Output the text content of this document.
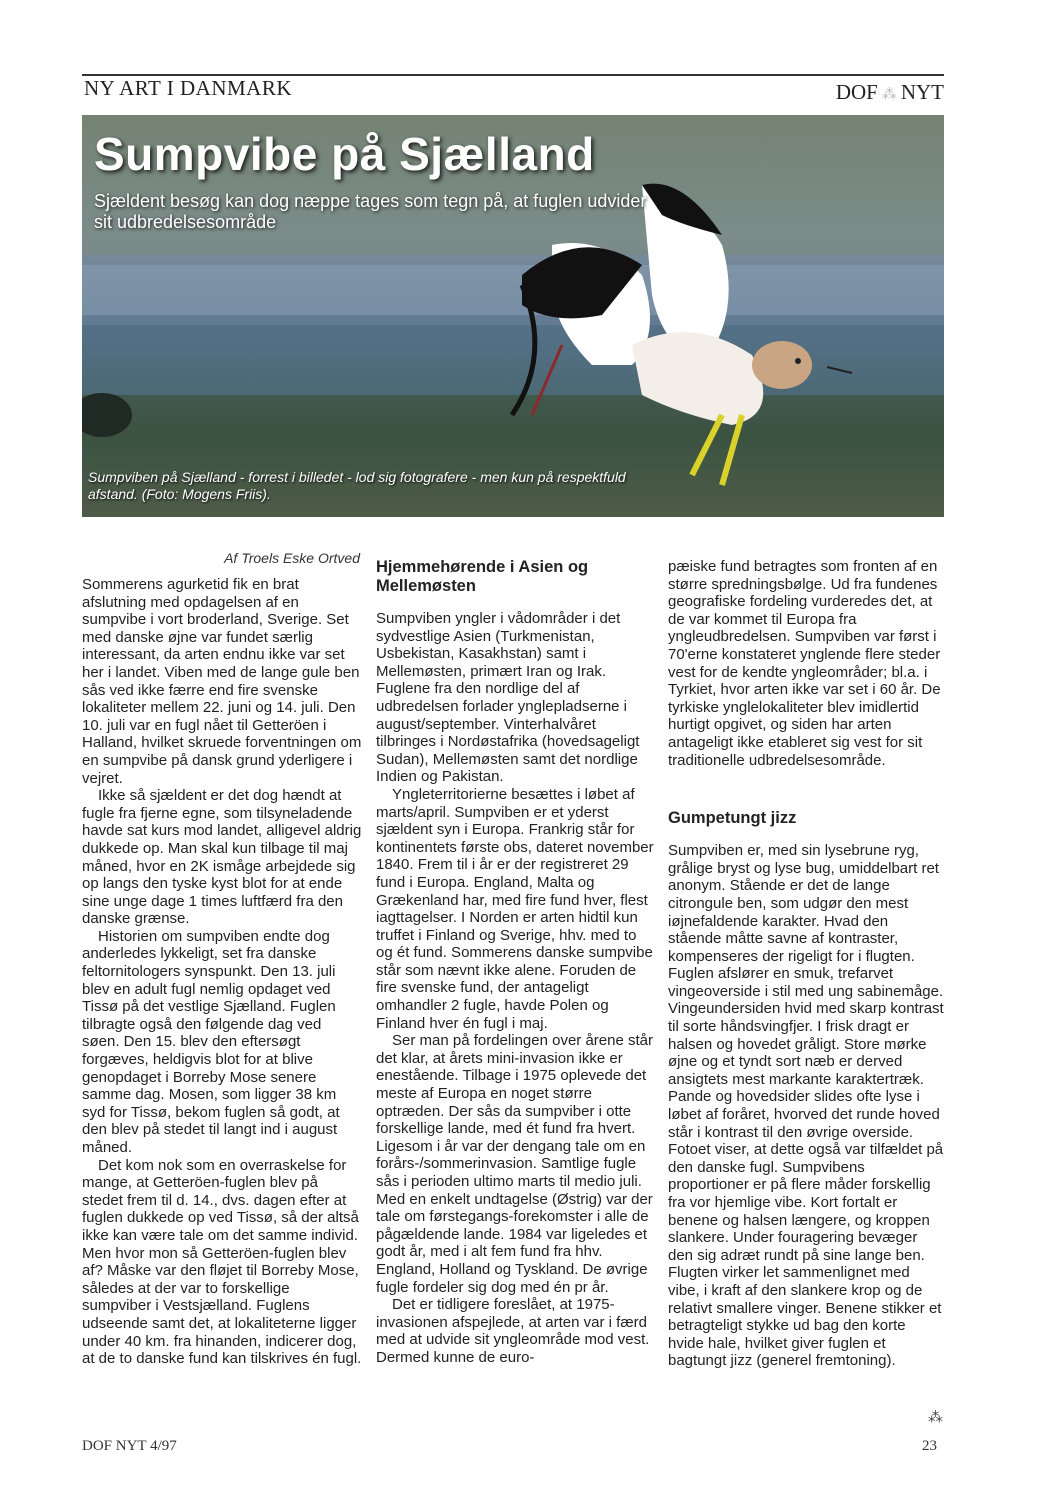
NY ART I DANMARK	DOF ⁂ NYT
Sumpvibe på Sjælland

Sjældent besøg kan dog næppe tages som tegn på, at fuglen udvider sit udbredelsesområde

Sumpviben på Sjælland - forrest i billedet - lod sig fotografere - men kun på respektfuld afstand. (Foto: Mogens Friis).

Af Troels Eske Ortved

Sommerens agurketid fik en brat afslutning med opdagelsen af en sumpvibe i vort broderland, Sverige. Set med danske øjne var fundet særlig interessant, da arten endnu ikke var set her i landet. Viben med de lange gule ben sås ved ikke færre end fire svenske lokaliteter mellem 22. juni og 14. juli. Den 10. juli var en fugl nået til Getteröen i Halland, hvilket skruede forventningen om en sumpvibe på dansk grund yderligere i vejret.

Ikke så sjældent er det dog hændt at fugle fra fjerne egne, som tilsyneladende havde sat kurs mod landet, alligevel aldrig dukkede op. Man skal kun tilbage til maj måned, hvor en 2K ismåge arbejdede sig op langs den tyske kyst blot for at ende sine unge dage 1 times luftfærd fra den danske grænse.

Historien om sumpviben endte dog anderledes lykkeligt, set fra danske feltornitologers synspunkt. Den 13. juli blev en adult fugl nemlig opdaget ved Tissø på det vestlige Sjælland. Fuglen tilbragte også den følgende dag ved søen. Den 15. blev den eftersøgt forgæves, heldigvis blot for at blive genopdaget i Borreby Mose senere samme dag. Mosen, som ligger 38 km syd for Tissø, bekom fuglen så godt, at den blev på stedet til langt ind i august måned.

Det kom nok som en overraskelse for mange, at Getteröen-fuglen blev på stedet frem til d. 14., dvs. dagen efter at fuglen dukkede op ved Tissø, så der altså ikke kan være tale om det samme individ. Men hvor mon så Getteröen-fuglen blev af? Måske var den fløjet til Borreby Mose, således at der var to forskellige sumpviber i Vestsjælland. Fuglens udseende samt det, at lokaliteterne ligger under 40 km. fra hinanden, indicerer dog, at de to danske fund kan tilskrives én fugl.

Hjemmehørende i Asien og Mellemøsten

Sumpviben yngler i vådområder i det sydvestlige Asien (Turkmenistan, Usbekistan, Kasakhstan) samt i Mellemøsten, primært Iran og Irak. Fuglene fra den nordlige del af udbredelsen forlader ynglepladserne i august/september. Vinterhalvåret tilbringes i Nordøstafrika (hovedsageligt Sudan), Mellemøsten samt det nordlige Indien og Pakistan.

Yngleterritorierne besættes i løbet af marts/april. Sumpviben er et yderst sjældent syn i Europa. Frankrig står for kontinentets første obs, dateret november 1840. Frem til i år er der registreret 29 fund i Europa. England, Malta og Grækenland har, med fire fund hver, flest iagttagelser. I Norden er arten hidtil kun truffet i Finland og Sverige, hhv. med to og ét fund. Sommerens danske sumpvibe står som nævnt ikke alene. Foruden de fire svenske fund, der antageligt omhandler 2 fugle, havde Polen og Finland hver én fugl i maj.

Ser man på fordelingen over årene står det klar, at årets mini-invasion ikke er enestående. Tilbage i 1975 oplevede det meste af Europa en noget større optræden. Der sås da sumpviber i otte forskellige lande, med ét fund fra hvert. Ligesom i år var der dengang tale om en forårs-/sommerinvasion. Samtlige fugle sås i perioden ultimo marts til medio juli. Med en enkelt undtagelse (Østrig) var der tale om førstegangs-forekomster i alle de pågældende lande. 1984 var ligeledes et godt år, med i alt fem fund fra hhv. England, Holland og Tyskland. De øvrige fugle fordeler sig dog med én pr år.

Det er tidligere foreslået, at 1975-invasionen afspejlede, at arten var i færd med at udvide sit yngleområde mod vest. Dermed kunne de euro-

pæiske fund betragtes som fronten af en større spredningsbølge. Ud fra fundenes geografiske fordeling vurderedes det, at de var kommet til Europa fra yngleudbredelsen. Sumpviben var først i 70'erne konstateret ynglende flere steder vest for de kendte yngleområder; bl.a. i Tyrkiet, hvor arten ikke var set i 60 år. De tyrkiske ynglelokaliteter blev imidlertid hurtigt opgivet, og siden har arten antageligt ikke etableret sig vest for sit traditionelle udbredelsesområde.

Gumpetungt jizz

Sumpviben er, med sin lysebrune ryg, grålige bryst og lyse bug, umiddelbart ret anonym. Stående er det de lange citrongule ben, som udgør den mest iøjnefaldende karakter. Hvad den stående måtte savne af kontraster, kompenseres der rigeligt for i flugten. Fuglen afslører en smuk, trefarvet vingeoverside i stil med ung sabinemåge. Vingeundersiden hvid med skarp kontrast til sorte håndsvingfjer. I frisk dragt er halsen og hovedet gråligt. Store mørke øjne og et tyndt sort næb er derved ansigtets mest markante karaktertræk. Pande og hovedsider slides ofte lyse i løbet af foråret, hvorved det runde hoved står i kontrast til den øvrige overside. Fotoet viser, at dette også var tilfældet på den danske fugl. Sumpvibens proportioner er på flere måder forskellig fra vor hjemlige vibe. Kort fortalt er benene og halsen længere, og kroppen slankere. Under fouragering bevæger den sig adræt rundt på sine lange ben. Flugten virker let sammenlignet med vibe, i kraft af den slankere krop og de relativt smallere vinger. Benene stikker et betragteligt stykke ud bag den korte hvide hale, hvilket giver fuglen et bagtungt jizz (generel fremtoning).

⁂
DOF NYT 4/97	23
